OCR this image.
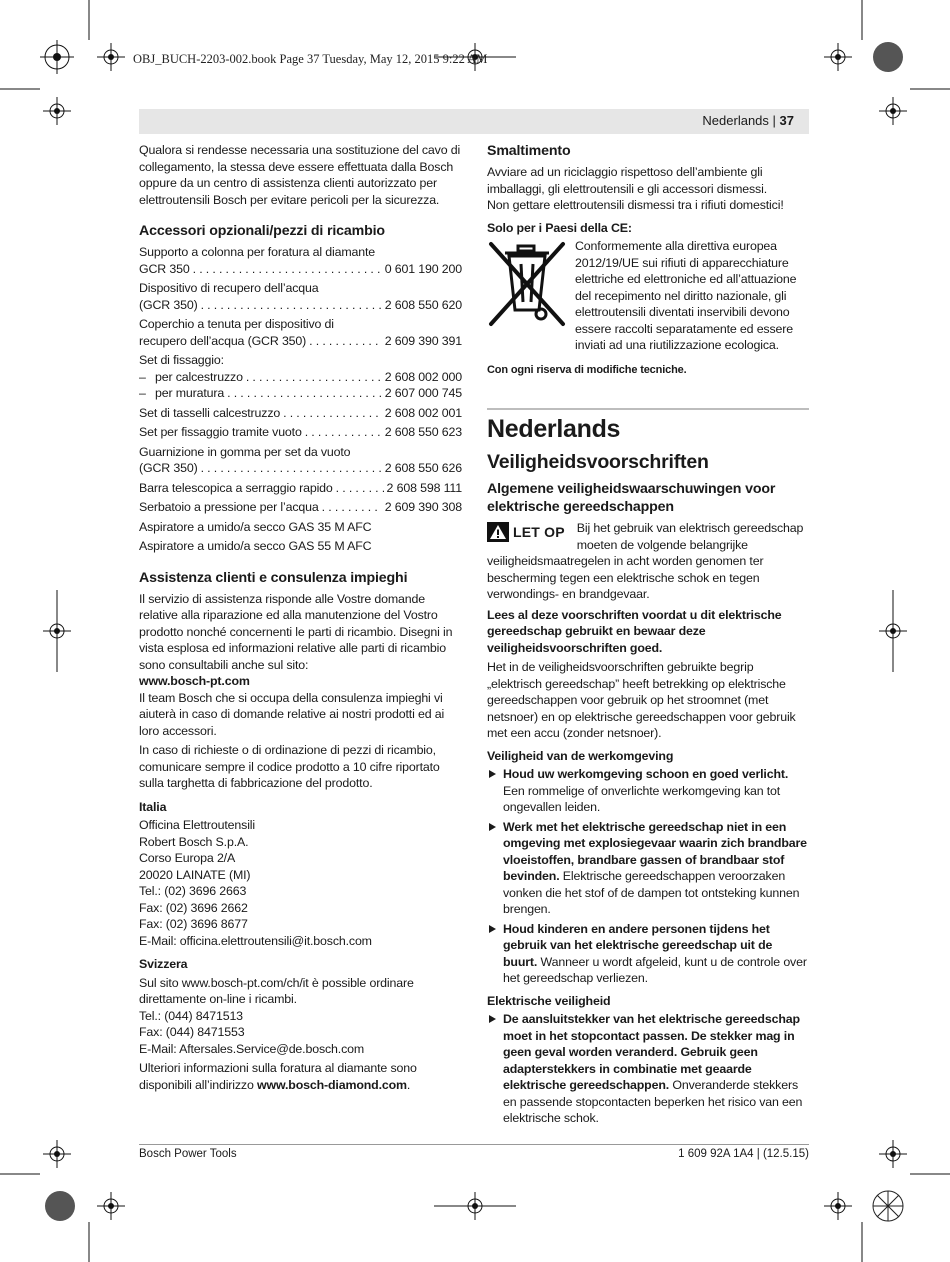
OBJ_BUCH-2203-002.book Page 37 Tuesday, May 12, 2015 9:22 AM
Nederlands | 37

Qualora si rendesse necessaria una sostituzione del cavo di collegamento, la stessa deve essere effettuata dalla Bosch oppure da un centro di assistenza clienti autorizzato per elettroutensili Bosch per evitare pericoli per la sicurezza.

Accessori opzionali/pezzi di ricambio
Supporto a colonna per foratura al diamante
GCR 350 . . .	0 601 190 200
Dispositivo di recupero dell’acqua
(GCR 350) . . .	2 608 550 620
Coperchio a tenuta per dispositivo di
recupero dell’acqua (GCR 350) . . .	2 609 390 391
Set di fissaggio:
– per calcestruzzo . . .	2 608 002 000
– per muratura . . .	2 607 000 745
Set di tasselli calcestruzzo . . .	2 608 002 001
Set per fissaggio tramite vuoto . . .	2 608 550 623
Guarnizione in gomma per set da vuoto
(GCR 350) . . .	2 608 550 626
Barra telescopica a serraggio rapido . . .	2 608 598 111
Serbatoio a pressione per l’acqua . . .	2 609 390 308
Aspiratore a umido/a secco GAS 35 M AFC
Aspiratore a umido/a secco GAS 55 M AFC
Assistenza clienti e consulenza impieghi

Il servizio di assistenza risponde alle Vostre domande relative alla riparazione ed alla manutenzione del Vostro prodotto nonché concernenti le parti di ricambio. Disegni in vista esplosa ed informazioni relative alle parti di ricambio sono consultabili anche sul sito:

www.bosch-pt.com

Il team Bosch che si occupa della consulenza impieghi vi aiuterà in caso di domande relative ai nostri prodotti ed ai loro accessori.

In caso di richieste o di ordinazione di pezzi di ricambio, comunicare sempre il codice prodotto a 10 cifre riportato sulla targhetta di fabbricazione del prodotto.

Italia
Officina Elettroutensili
Robert Bosch S.p.A.
Corso Europa 2/A
20020 LAINATE (MI)
Tel.: (02) 3696 2663
Fax: (02) 3696 2662
Fax: (02) 3696 8677
E-Mail: officina.elettroutensili@it.bosch.com
Svizzera
Sul sito www.bosch-pt.com/ch/it è possible ordinare direttamente on-line i ricambi.
Tel.: (044) 8471513
Fax: (044) 8471553
E-Mail: Aftersales.Service@de.bosch.com

Ulteriori informazioni sulla foratura al diamante sono disponibili all’indirizzo www.bosch-diamond.com.

Smaltimento

Avviare ad un riciclaggio rispettoso dell’ambiente gli imballaggi, gli elettroutensili e gli accessori dismessi.

Non gettare elettroutensili dismessi tra i rifiuti domestici!

Solo per i Paesi della CE:
Conformemente alla direttiva europea 2012/19/UE sui rifiuti di apparecchiature elettriche ed elettroniche ed all’attuazione del recepimento nel diritto nazionale, gli elettroutensili diventati inservibili devono essere raccolti separatamente ed essere inviati ad una riutilizzazione ecologica.

Con ogni riserva di modifiche tecniche.

Nederlands
Veiligheidsvoorschriften
Algemene veiligheidswaarschuwingen voor elektrische gereedschappen
LET OP Bij het gebruik van elektrisch gereedschap moeten de volgende belangrijke veiligheidsmaatregelen in acht worden genomen ter bescherming tegen een elektrische schok en tegen verwondings- en brandgevaar.

Lees al deze voorschriften voordat u dit elektrische gereedschap gebruikt en bewaar deze veiligheidsvoorschriften goed.

Het in de veiligheidsvoorschriften gebruikte begrip „elektrisch gereedschap” heeft betrekking op elektrische gereedschappen voor gebruik op het stroomnet (met netsnoer) en op elektrische gereedschappen voor gebruik met een accu (zonder netsnoer).

Veiligheid van de werkomgeving
Houd uw werkomgeving schoon en goed verlicht. Een rommelige of onverlichte werkomgeving kan tot ongevallen leiden.
Werk met het elektrische gereedschap niet in een omgeving met explosiegevaar waarin zich brandbare vloeistoffen, brandbare gassen of brandbaar stof bevinden. Elektrische gereedschappen veroorzaken vonken die het stof of de dampen tot ontsteking kunnen brengen.
Houd kinderen en andere personen tijdens het gebruik van het elektrische gereedschap uit de buurt. Wanneer u wordt afgeleid, kunt u de controle over het gereedschap verliezen.
Elektrische veiligheid
De aansluitstekker van het elektrische gereedschap moet in het stopcontact passen. De stekker mag in geen geval worden veranderd. Gebruik geen adapterstekkers in combinatie met geaarde elektrische gereedschappen. Onveranderde stekkers en passende stopcontacten beperken het risico van een elektrische schok.
Bosch Power Tools	1 609 92A 1A4 | (12.5.15)
